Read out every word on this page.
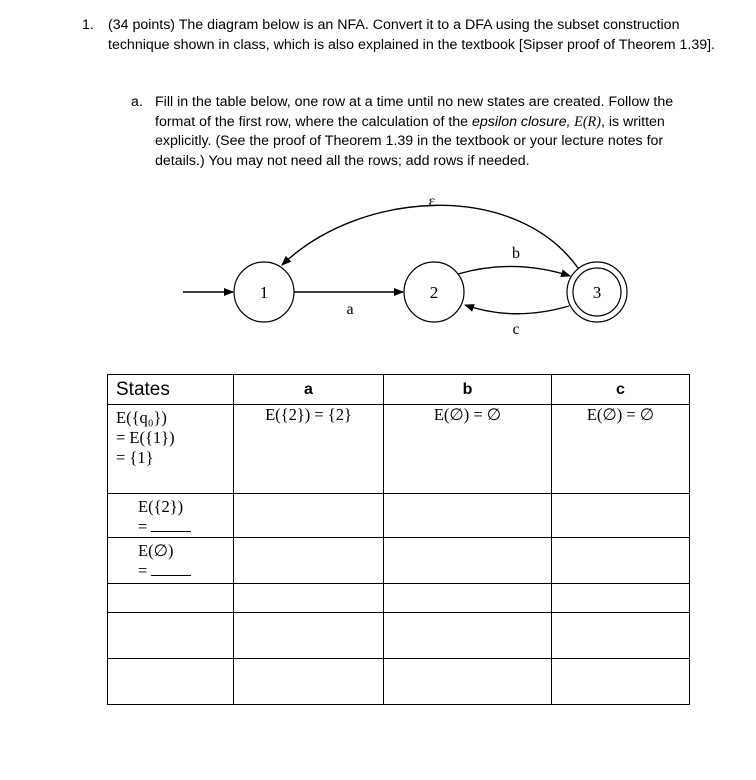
1. (34 points) The diagram below is an NFA. Convert it to a DFA using the subset construction technique shown in class, which is also explained in the textbook [Sipser proof of Theorem 1.39].
a. Fill in the table below, one row at a time until no new states are created. Follow the format of the first row, where the calculation of the epsilon closure, E(R), is written explicitly. (See the proof of Theorem 1.39 in the textbook or your lecture notes for details.) You may not need all the rows; add rows if needed.
1	2	3
a
b
c
ε
States	a	b	c

E({q₀})
= E({1})
= {1}	E({2}) = {2}	E(∅) = ∅	E(∅) = ∅

E({2})
=			

E(∅)
=			
